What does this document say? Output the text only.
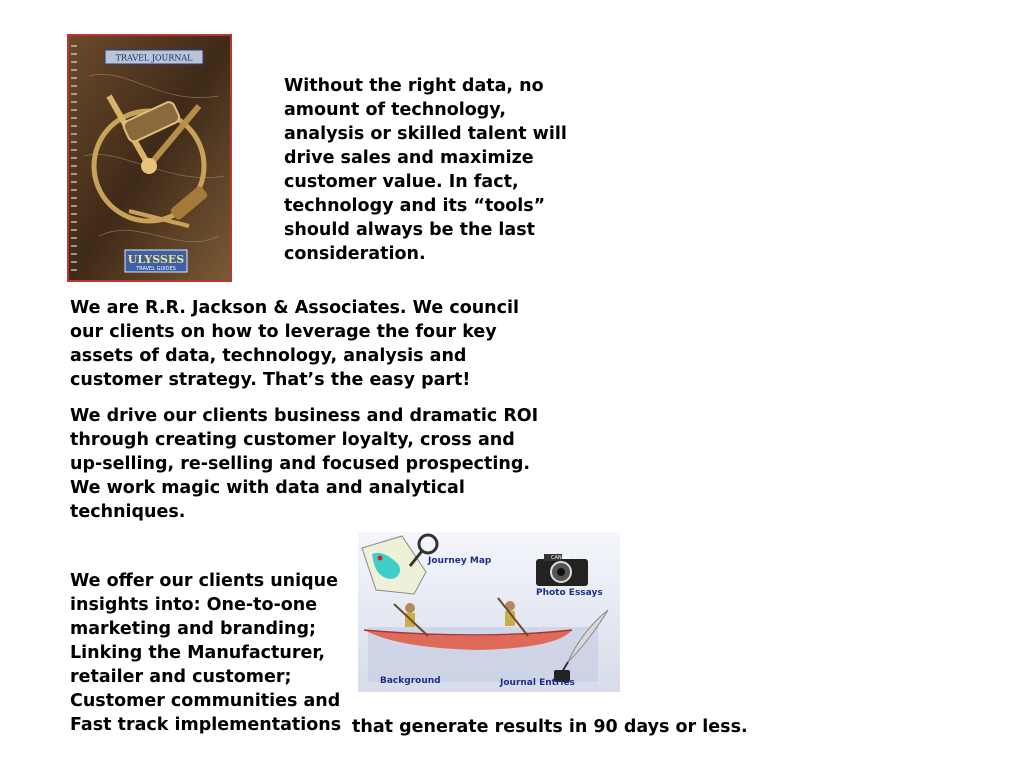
TRAVEL JOURNAL
ULYSSES
TRAVEL GUIDES
Without the right data, no amount of technology, analysis or skilled talent will drive sales and maximize customer value. In fact, technology and its “tools” should always be the last consideration.
We are R.R. Jackson & Associates. We council our clients on how to leverage the four key assets of data, technology, analysis and customer strategy. That’s the easy part!
We drive our clients business and dramatic ROI through creating customer loyalty, cross and up-selling, re-selling and focused prospecting. We work magic with data and analytical techniques.
We offer our clients unique insights into: One-to-one marketing and branding; Linking the Manufacturer, retailer and customer; Customer communities and Fast track implementations that generate results in 90 days or less.
Journey Map	CANON
Photo Essays
Background	Journal Entries
